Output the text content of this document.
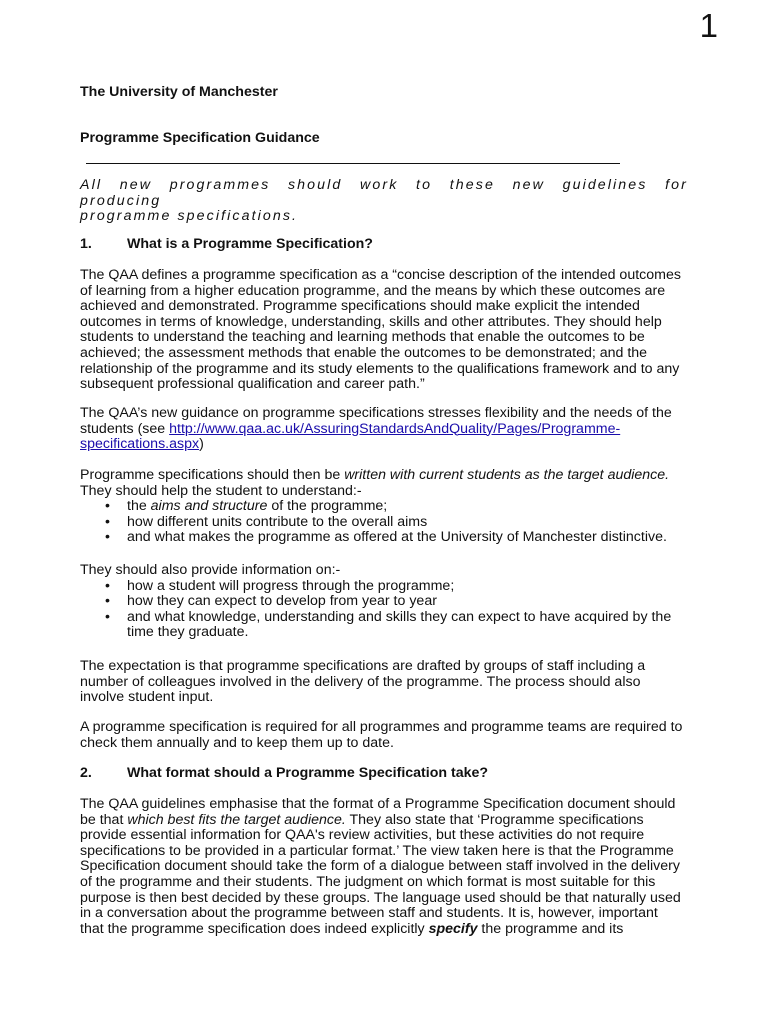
1
The University of Manchester
Programme Specification Guidance
All new programmes should work to these new guidelines for producing
programme specifications.
1. What is a Programme Specification?
The QAA defines a programme specification as a “concise description of the intended outcomes
of learning from a higher education programme, and the means by which these outcomes are
achieved and demonstrated. Programme specifications should make explicit the intended
outcomes in terms of knowledge, understanding, skills and other attributes. They should help
students to understand the teaching and learning methods that enable the outcomes to be
achieved; the assessment methods that enable the outcomes to be demonstrated; and the
relationship of the programme and its study elements to the qualifications framework and to any
subsequent professional qualification and career path.”
The QAA’s new guidance on programme specifications stresses flexibility and the needs of the
students (see http://www.qaa.ac.uk/AssuringStandardsAndQuality/Pages/Programme-
specifications.aspx)
Programme specifications should then be written with current students as the target audience.
They should help the student to understand:-
• the aims and structure of the programme;
• how different units contribute to the overall aims
• and what makes the programme as offered at the University of Manchester distinctive.
They should also provide information on:-
• how a student will progress through the programme;
• how they can expect to develop from year to year
• and what knowledge, understanding and skills they can expect to have acquired by the
time they graduate.
The expectation is that programme specifications are drafted by groups of staff including a
number of colleagues involved in the delivery of the programme. The process should also
involve student input.
A programme specification is required for all programmes and programme teams are required to
check them annually and to keep them up to date.
2. What format should a Programme Specification take?
The QAA guidelines emphasise that the format of a Programme Specification document should
be that which best fits the target audience. They also state that ‘Programme specifications
provide essential information for QAA's review activities, but these activities do not require
specifications to be provided in a particular format.’ The view taken here is that the Programme
Specification document should take the form of a dialogue between staff involved in the delivery
of the programme and their students. The judgment on which format is most suitable for this
purpose is then best decided by these groups. The language used should be that naturally used
in a conversation about the programme between staff and students. It is, however, important
that the programme specification does indeed explicitly specify the programme and its
